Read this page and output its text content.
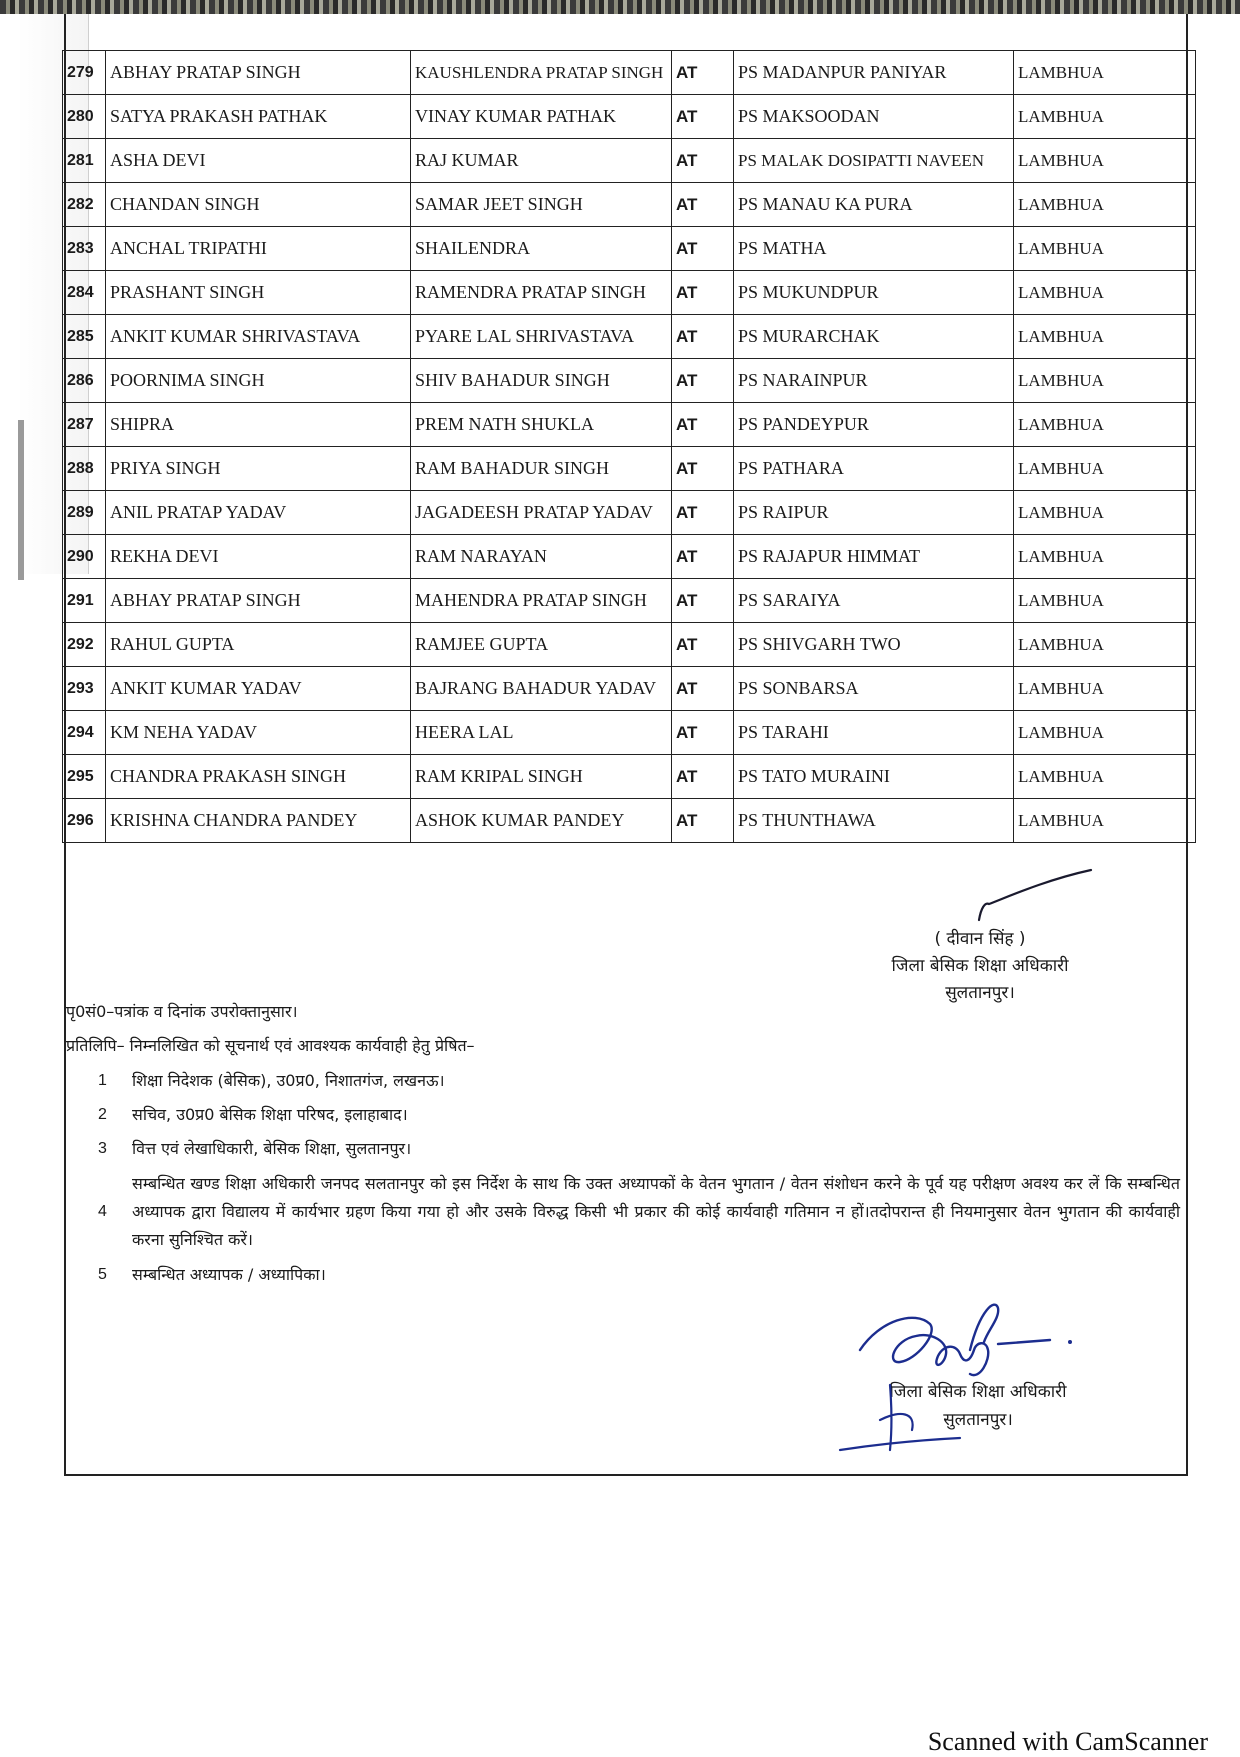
279	ABHAY PRATAP SINGH	KAUSHLENDRA PRATAP SINGH	AT	PS MADANPUR PANIYAR	LAMBHUA
280	SATYA PRAKASH PATHAK	VINAY KUMAR PATHAK	AT	PS MAKSOODAN	LAMBHUA
281	ASHA DEVI	RAJ KUMAR	AT	PS MALAK DOSIPATTI NAVEEN	LAMBHUA
282	CHANDAN SINGH	SAMAR JEET SINGH	AT	PS MANAU KA PURA	LAMBHUA
283	ANCHAL TRIPATHI	SHAILENDRA	AT	PS MATHA	LAMBHUA
284	PRASHANT SINGH	RAMENDRA PRATAP SINGH	AT	PS MUKUNDPUR	LAMBHUA
285	ANKIT KUMAR SHRIVASTAVA	PYARE LAL SHRIVASTAVA	AT	PS MURARCHAK	LAMBHUA
286	POORNIMA SINGH	SHIV BAHADUR SINGH	AT	PS NARAINPUR	LAMBHUA
287	SHIPRA	PREM NATH SHUKLA	AT	PS PANDEYPUR	LAMBHUA
288	PRIYA SINGH	RAM BAHADUR SINGH	AT	PS PATHARA	LAMBHUA
289	ANIL PRATAP YADAV	JAGADEESH PRATAP YADAV	AT	PS RAIPUR	LAMBHUA
290	REKHA DEVI	RAM NARAYAN	AT	PS RAJAPUR HIMMAT	LAMBHUA
291	ABHAY PRATAP SINGH	MAHENDRA PRATAP SINGH	AT	PS SARAIYA	LAMBHUA
292	RAHUL GUPTA	RAMJEE GUPTA	AT	PS SHIVGARH TWO	LAMBHUA
293	ANKIT KUMAR YADAV	BAJRANG BAHADUR YADAV	AT	PS SONBARSA	LAMBHUA
294	KM NEHA YADAV	HEERA LAL	AT	PS TARAHI	LAMBHUA
295	CHANDRA PRAKASH SINGH	RAM KRIPAL SINGH	AT	PS TATO MURAINI	LAMBHUA
296	KRISHNA CHANDRA PANDEY	ASHOK KUMAR PANDEY	AT	PS THUNTHAWA	LAMBHUA
( दीवान सिंह )
जिला बेसिक शिक्षा अधिकारी
सुलतानपुर।
पृ0सं0–पत्रांक व दिनांक उपरोक्तानुसार।
प्रतिलिपि– निम्नलिखित को सूचनार्थ एवं आवश्यक कार्यवाही हेतु प्रेषित–
1	शिक्षा निदेशक (बेसिक), उ0प्र0, निशातगंज, लखनऊ।
2	सचिव, उ0प्र0 बेसिक शिक्षा परिषद, इलाहाबाद।
3	वित्त एवं लेखाधिकारी, बेसिक शिक्षा, सुलतानपुर।
4
सम्बन्धित खण्ड शिक्षा अधिकारी जनपद सलतानपुर को इस निर्देश के साथ कि उक्त अध्यापकों के वेतन भुगतान / वेतन संशोधन करने के पूर्व यह परीक्षण अवश्य कर लें कि सम्बन्धित अध्यापक द्वारा विद्यालय में कार्यभार ग्रहण किया गया हो और उसके विरुद्ध किसी भी प्रकार की कोई कार्यवाही गतिमान न हों।तदोपरान्त ही नियमानुसार वेतन भुगतान की कार्यवाही करना सुनिश्चित करें।
5	सम्बन्धित अध्यापक / अध्यापिका।
जिला बेसिक शिक्षा अधिकारी
सुलतानपुर।
Scanned with CamScanner
